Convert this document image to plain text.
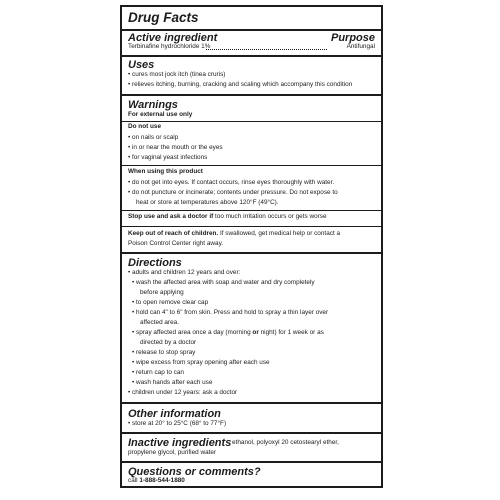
Drug Facts
Active ingredient	Purpose
Terbinafine hydrochloride 1%	Antifungal
Uses
• cures most jock itch (tinea cruris)
• relieves itching, burning, cracking and scaling which accompany this condition
Warnings
For external use only
Do not use
• on nails or scalp
• in or near the mouth or the eyes
• for vaginal yeast infections
When using this product
• do not get into eyes. If contact occurs, rinse eyes thoroughly with water.
• do not puncture or incinerate; contents under pressure. Do not expose to
heat or store at temperatures above 120°F (49°C).
Stop use and ask a doctor if too much irritation occurs or gets worse
Keep out of reach of children. If swallowed, get medical help or contact a
Poison Control Center right away.
Directions
• adults and children 12 years and over:
• wash the affected area with soap and water and dry completely
before applying
• to open remove clear cap
• hold can 4" to 6" from skin. Press and hold to spray a thin layer over
affected area.
• spray affected area once a day (morning or night) for 1 week or as
directed by a doctor
• release to stop spray
• wipe excess from spray opening after each use
• return cap to can
• wash hands after each use
• children under 12 years: ask a doctor
Other information
• store at 20° to 25°C (68° to 77°F)
Inactive ingredients ethanol, polyoxyl 20 cetostearyl ether,
propylene glycol, purified water
Questions or comments?
call 1-888-544-1880
